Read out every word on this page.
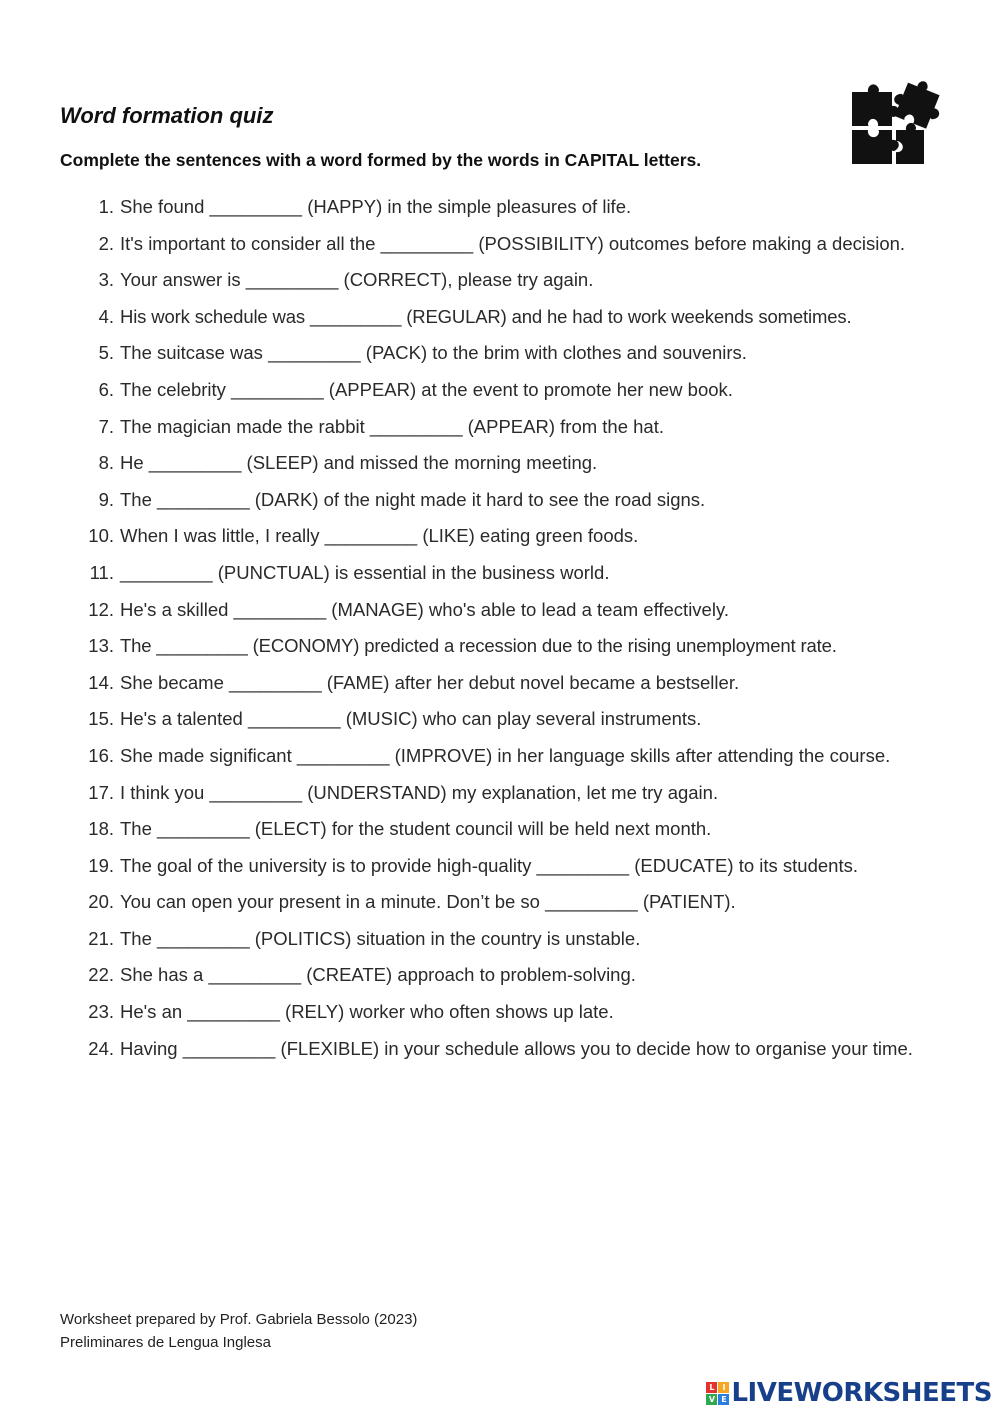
Word formation quiz

Complete the sentences with a word formed by the words in CAPITAL letters.

1. She found _________ (HAPPY) in the simple pleasures of life.
2. It's important to consider all the _________ (POSSIBILITY) outcomes before making a decision.
3. Your answer is _________ (CORRECT), please try again.
4. His work schedule was _________ (REGULAR) and he had to work weekends sometimes.
5. The suitcase was _________ (PACK) to the brim with clothes and souvenirs.
6. The celebrity _________ (APPEAR) at the event to promote her new book.
7. The magician made the rabbit _________ (APPEAR) from the hat.
8. He _________ (SLEEP) and missed the morning meeting.
9. The _________ (DARK) of the night made it hard to see the road signs.
10. When I was little, I really _________ (LIKE) eating green foods.
11. _________ (PUNCTUAL) is essential in the business world.
12. He's a skilled _________ (MANAGE) who's able to lead a team effectively.
13. The _________ (ECONOMY) predicted a recession due to the rising unemployment rate.
14. She became _________ (FAME) after her debut novel became a bestseller.
15. He's a talented _________ (MUSIC) who can play several instruments.
16. She made significant _________ (IMPROVE) in her language skills after attending the course.
17. I think you _________ (UNDERSTAND) my explanation, let me try again.
18. The _________ (ELECT) for the student council will be held next month.
19. The goal of the university is to provide high-quality _________ (EDUCATE) to its students.
20. You can open your present in a minute. Don’t be so _________ (PATIENT).
21. The _________ (POLITICS) situation in the country is unstable.
22. She has a _________ (CREATE) approach to problem-solving.
23. He's an _________ (RELY) worker who often shows up late.
24. Having _________ (FLEXIBLE) in your schedule allows you to decide how to organise your time.
Worksheet prepared by Prof. Gabriela Bessolo (2023)
Preliminares de Lengua Inglesa
L I
V E LIVEWORKSHEETS
